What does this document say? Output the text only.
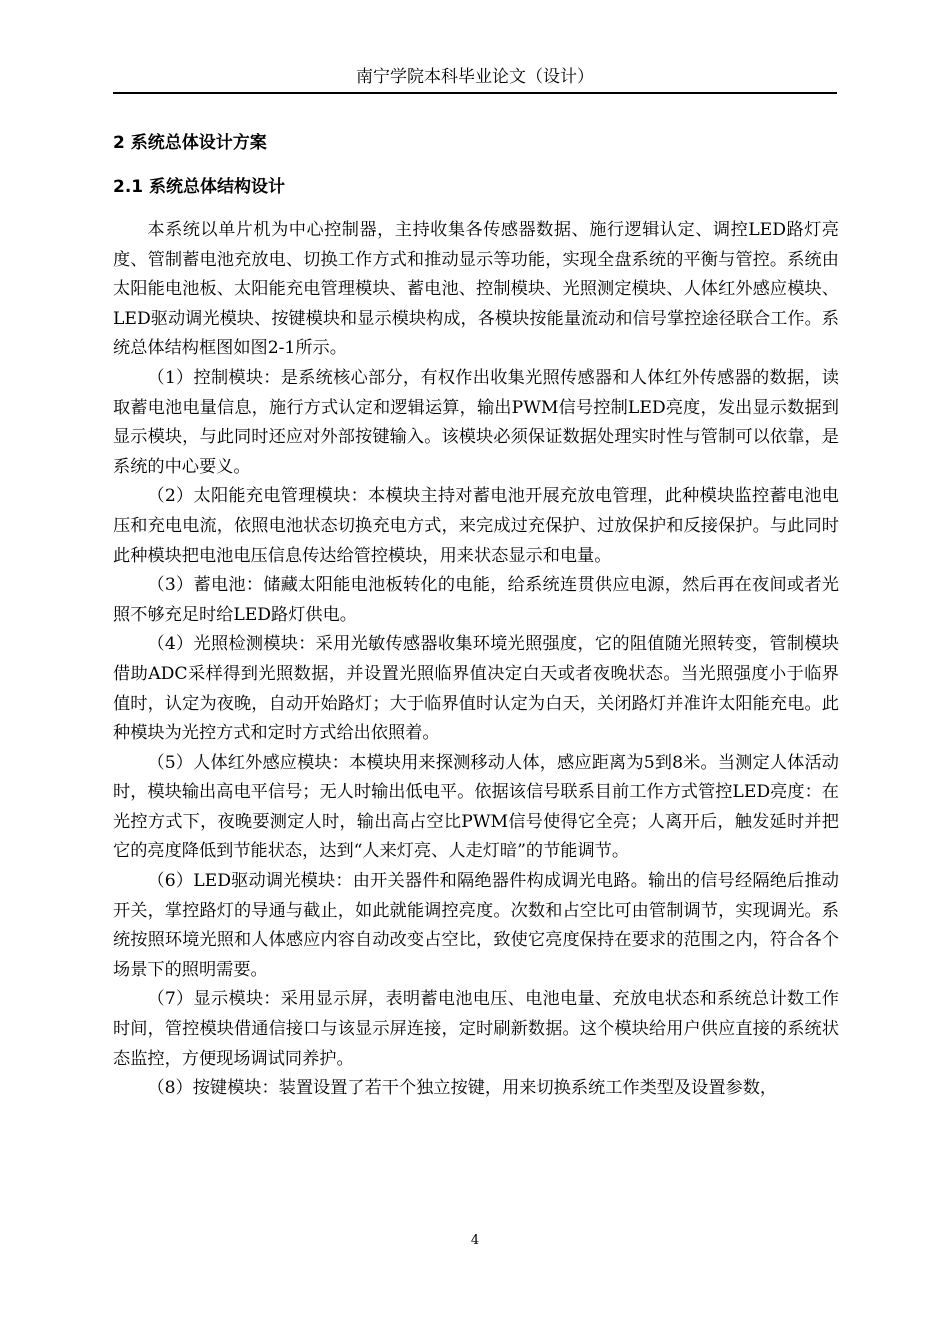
南宁学院本科毕业论文（设计）
2 系统总体设计方案
2.1 系统总体结构设计

本系统以单片机为中心控制器，主持收集各传感器数据、施行逻辑认定、调控LED路灯亮度、管制蓄电池充放电、切换工作方式和推动显示等功能，实现全盘系统的平衡与管控。系统由太阳能电池板、太阳能充电管理模块、蓄电池、控制模块、光照测定模块、人体红外感应模块、LED驱动调光模块、按键模块和显示模块构成，各模块按能量流动和信号掌控途径联合工作。系统总体结构框图如图2-1所示。

（1）控制模块：是系统核心部分，有权作出收集光照传感器和人体红外传感器的数据，读取蓄电池电量信息，施行方式认定和逻辑运算，输出PWM信号控制LED亮度，发出显示数据到显示模块，与此同时还应对外部按键输入。该模块必须保证数据处理实时性与管制可以依靠，是系统的中心要义。

（2）太阳能充电管理模块：本模块主持对蓄电池开展充放电管理，此种模块监控蓄电池电压和充电电流，依照电池状态切换充电方式，来完成过充保护、过放保护和反接保护。与此同时此种模块把电池电压信息传达给管控模块，用来状态显示和电量。

（3）蓄电池：储藏太阳能电池板转化的电能，给系统连贯供应电源，然后再在夜间或者光照不够充足时给LED路灯供电。

（4）光照检测模块：采用光敏传感器收集环境光照强度，它的阻值随光照转变，管制模块借助ADC采样得到光照数据，并设置光照临界值决定白天或者夜晚状态。当光照强度小于临界值时，认定为夜晚，自动开始路灯；大于临界值时认定为白天，关闭路灯并准许太阳能充电。此种模块为光控方式和定时方式给出依照着。

（5）人体红外感应模块：本模块用来探测移动人体，感应距离为5到8米。当测定人体活动时，模块输出高电平信号；无人时输出低电平。依据该信号联系目前工作方式管控LED亮度：在光控方式下，夜晚要测定人时，输出高占空比PWM信号使得它全亮；人离开后，触发延时并把它的亮度降低到节能状态，达到“人来灯亮、人走灯暗”的节能调节。

（6）LED驱动调光模块：由开关器件和隔绝器件构成调光电路。输出的信号经隔绝后推动开关，掌控路灯的导通与截止，如此就能调控亮度。次数和占空比可由管制调节，实现调光。系统按照环境光照和人体感应内容自动改变占空比，致使它亮度保持在要求的范围之内，符合各个场景下的照明需要。

（7）显示模块：采用显示屏，表明蓄电池电压、电池电量、充放电状态和系统总计数工作时间，管控模块借通信接口与该显示屏连接，定时刷新数据。这个模块给用户供应直接的系统状态监控，方便现场调试同养护。

（8）按键模块：装置设置了若干个独立按键，用来切换系统工作类型及设置参数，

4
